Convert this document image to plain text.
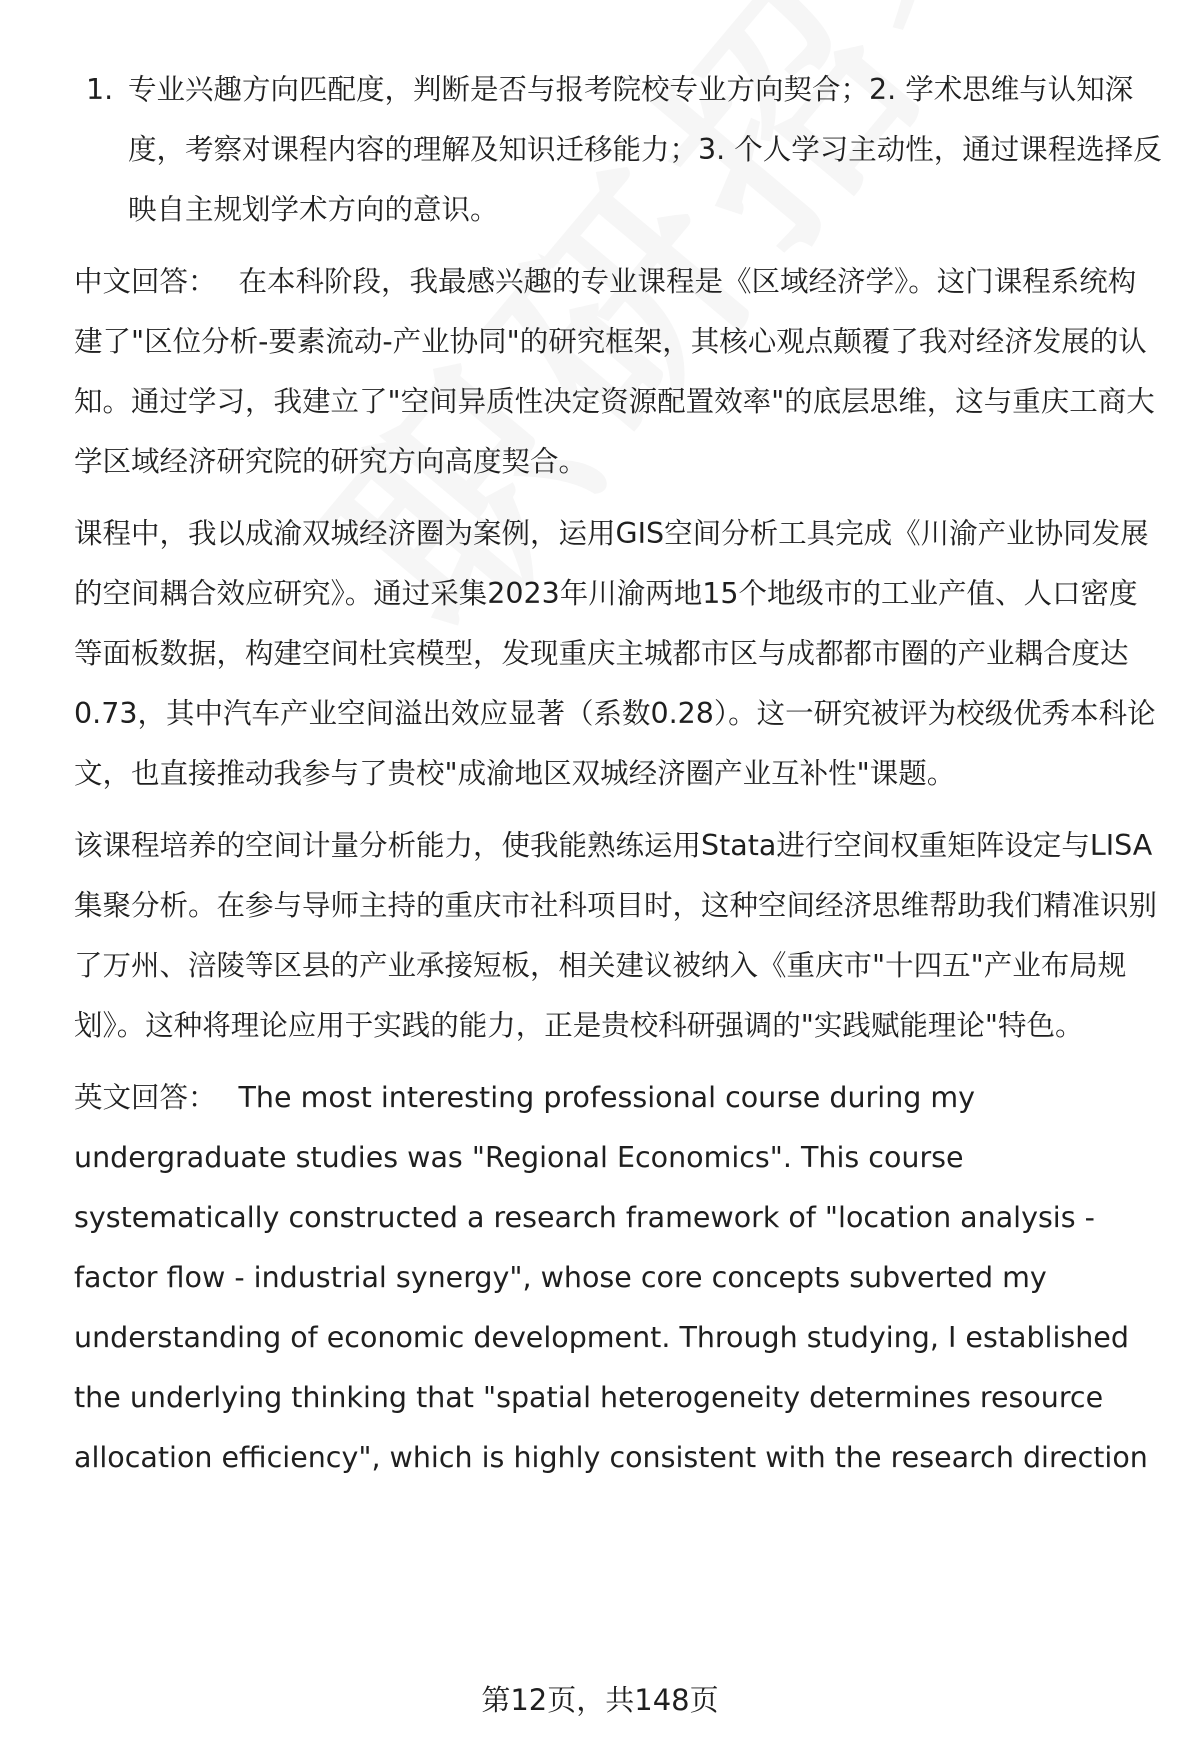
1. 专业兴趣方向匹配度，判断是否与报考院校专业方向契合；2. 学术思维与认知深度，考察对课程内容的理解及知识迁移能力；3. 个人学习主动性，通过课程选择反映自主规划学术方向的意识。

中文回答： 在本科阶段，我最感兴趣的专业课程是《区域经济学》。这门课程系统构建了"区位分析-要素流动-产业协同"的研究框架，其核心观点颠覆了我对经济发展的认知。通过学习，我建立了"空间异质性决定资源配置效率"的底层思维，这与重庆工商大学区域经济研究院的研究方向高度契合。

课程中，我以成渝双城经济圈为案例，运用GIS空间分析工具完成《川渝产业协同发展的空间耦合效应研究》。通过采集2023年川渝两地15个地级市的工业产值、人口密度等面板数据，构建空间杜宾模型，发现重庆主城都市区与成都都市圈的产业耦合度达0.73，其中汽车产业空间溢出效应显著（系数0.28）。这一研究被评为校级优秀本科论文，也直接推动我参与了贵校"成渝地区双城经济圈产业互补性"课题。

该课程培养的空间计量分析能力，使我能熟练运用Stata进行空间权重矩阵设定与LISA集聚分析。在参与导师主持的重庆市社科项目时，这种空间经济思维帮助我们精准识别了万州、涪陵等区县的产业承接短板，相关建议被纳入《重庆市"十四五"产业布局规划》。这种将理论应用于实践的能力，正是贵校科研强调的"实践赋能理论"特色。

英文回答： The most interesting professional course during my undergraduate studies was "Regional Economics". This course systematically constructed a research framework of "location analysis - factor flow - industrial synergy", whose core concepts subverted my understanding of economic development. Through studying, I established the underlying thinking that "spatial heterogeneity determines resource allocation efficiency", which is highly consistent with the research direction

第12页，共148页
